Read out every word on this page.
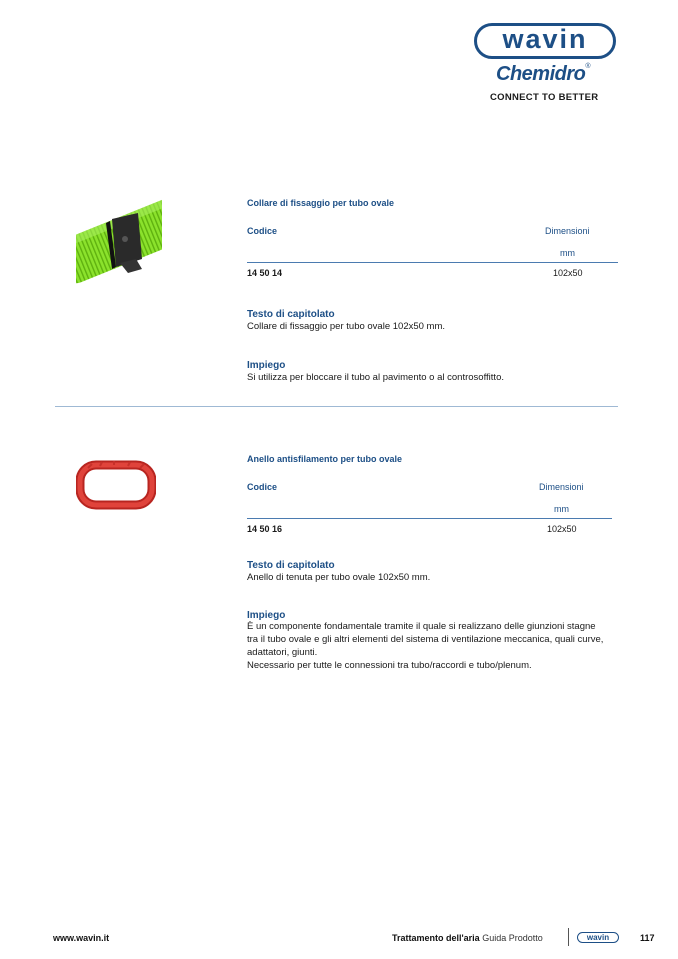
wavin
Chemidro®
CONNECT TO BETTER
Collare di fissaggio per tubo ovale
Codice	Dimensioni
mm
14 50 14	102x50
Testo di capitolato
Collare di fissaggio per tubo ovale 102x50 mm.
Impiego
Si utilizza per bloccare il tubo al pavimento o al controsoffitto.
Anello antisfilamento per tubo ovale
Codice	Dimensioni
mm
14 50 16	102x50
Testo di capitolato
Anello di tenuta per tubo ovale 102x50 mm.
Impiego
È un componente fondamentale tramite il quale si realizzano delle giunzioni stagne
tra il tubo ovale e gli altri elementi del sistema di ventilazione meccanica, quali curve,
adattatori, giunti.
Necessario per tutte le connessioni tra tubo/raccordi e tubo/plenum.
www.wavin.it	Trattamento dell'aria Guida Prodotto	wavin	117
